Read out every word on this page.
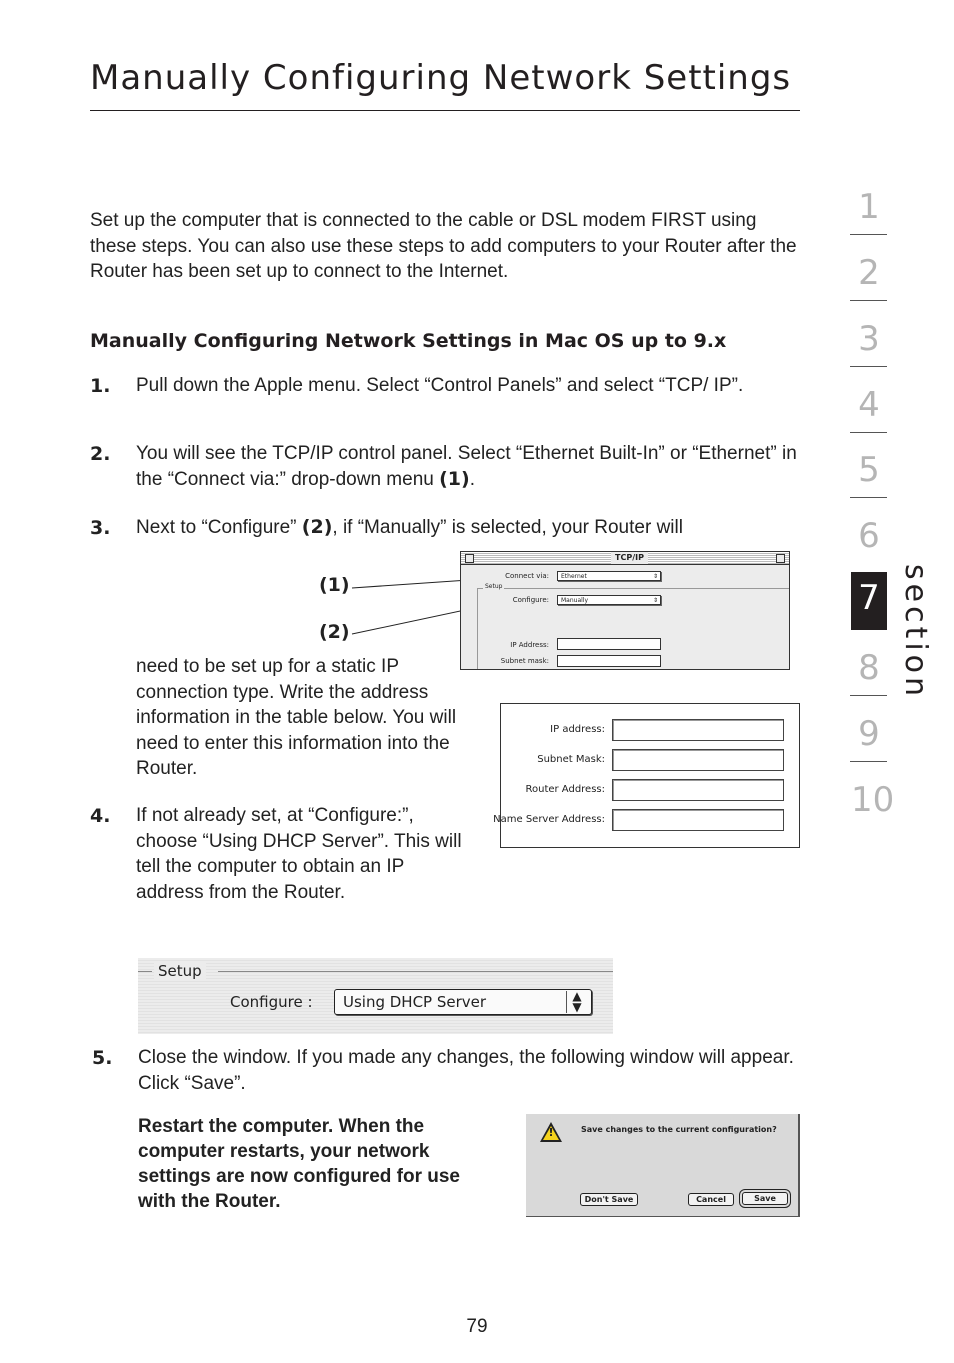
Manually Configuring Network Settings

Set up the computer that is connected to the cable or DSL modem FIRST using these steps. You can also use these steps to add computers to your Router after the Router has been set up to connect to the Internet.

Manually Configuring Network Settings in Mac OS up to 9.x
1. Pull down the Apple menu. Select “Control Panels” and select “TCP/ IP”.

2. You will see the TCP/IP control panel. Select “Ethernet Built-In” or “Ethernet” in the “Connect via:” drop-down menu (1).

3. Next to “Configure” (2), if “Manually” is selected, your Router will

need to be set up for a static IP connection type. Write the address information in the table below. You will need to enter this information into the Router.

(1)
(2)
TCP/IP
Connect via:	Ethernet	⇕
Setup
Configure:	Manually	⇕
IP Address:
Subnet mask:
IP address:
Subnet Mask:
Router Address:
Name Server Address:
4. If not already set, at “Configure:”, choose “Using DHCP Server”. This will tell the computer to obtain an IP address from the Router.

Setup
Configure : Using DHCP Server	▲
▼
5. Close the window. If you made any changes, the following window will appear. Click “Save”.

Restart the computer. When the computer restarts, your network settings are now configured for use with the Router.

!	Save changes to the current configuration?
Don't Save	Cancel	Save
1
2
3
4
5
6
7
8
9
10
section
79
